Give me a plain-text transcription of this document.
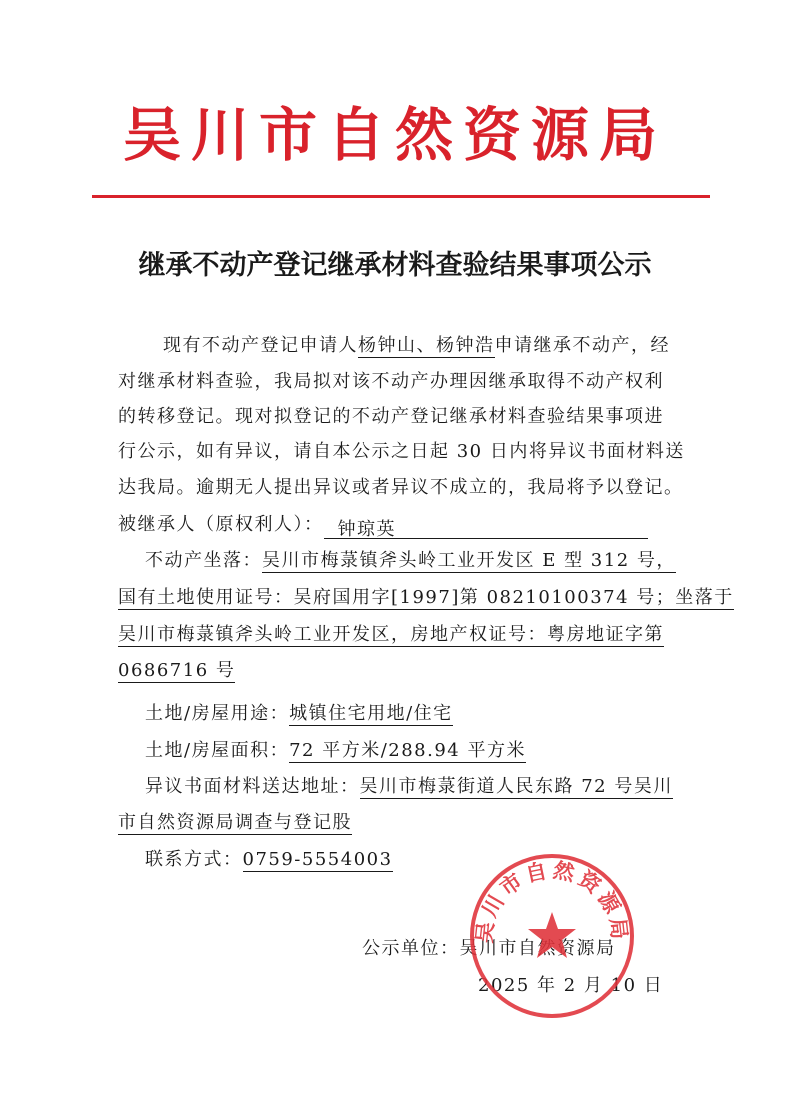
吴川市自然资源局
继承不动产登记继承材料查验结果事项公示
现有不动产登记申请人杨钟山、杨钟浩申请继承不动产，经
对继承材料查验，我局拟对该不动产办理因继承取得不动产权利
的转移登记。现对拟登记的不动产登记继承材料查验结果事项进
行公示，如有异议，请自本公示之日起 30 日内将异议书面材料送
达我局。逾期无人提出异议或者异议不成立的，我局将予以登记。
被继承人（原权利人）： 钟琼英
不动产坐落：吴川市梅菉镇斧头岭工业开发区 E 型 312 号，
国有土地使用证号：吴府国用字[1997]第 08210100374 号；坐落于
吴川市梅菉镇斧头岭工业开发区，房地产权证号：粤房地证字第
0686716 号
土地/房屋用途：城镇住宅用地/住宅
土地/房屋面积：72 平方米/288.94 平方米
异议书面材料送达地址：吴川市梅菉街道人民东路 72 号吴川
市自然资源局调查与登记股
联系方式：0759-5554003
公示单位：吴川市自然资源局
2025 年 2 月 10 日
吴川市自然资源局
